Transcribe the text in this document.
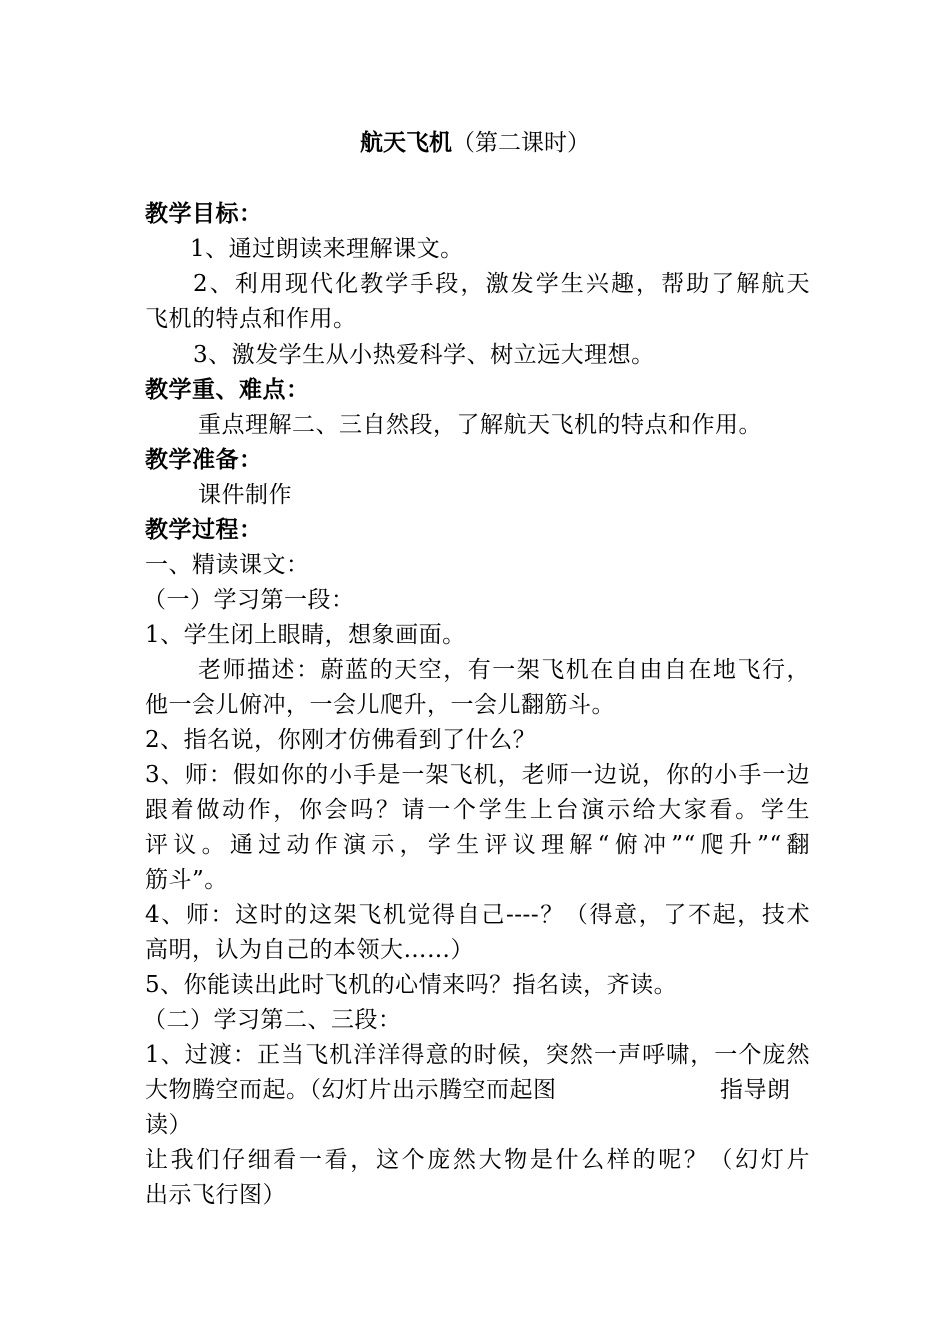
航天飞机（第二课时）
教学目标：
1、通过朗读来理解课文。
2、利用现代化教学手段，激发学生兴趣，帮助了解航天
飞机的特点和作用。
3、激发学生从小热爱科学、树立远大理想。
教学重、难点：
重点理解二、三自然段，了解航天飞机的特点和作用。
教学准备：
课件制作
教学过程：
一、精读课文：
（一）学习第一段：
1、学生闭上眼睛，想象画面。
老师描述：蔚蓝的天空，有一架飞机在自由自在地飞行，
他一会儿俯冲，一会儿爬升，一会儿翻筋斗。
2、指名说，你刚才仿佛看到了什么？
3、师：假如你的小手是一架飞机，老师一边说，你的小手一边
跟着做动作，你会吗？请一个学生上台演示给大家看。学生
评议。通过动作演示，学生评议理解“俯冲”“爬升”“翻
筋斗”。
4、师：这时的这架飞机觉得自己----？（得意，了不起，技术
高明，认为自己的本领大……）
5、你能读出此时飞机的心情来吗？指名读，齐读。
（二）学习第二、三段：
1、过渡：正当飞机洋洋得意的时候，突然一声呼啸，一个庞然
大物腾空而起。（幻灯片出示腾空而起图	指导朗
读）
让我们仔细看一看，这个庞然大物是什么样的呢？（幻灯片
出示飞行图）
